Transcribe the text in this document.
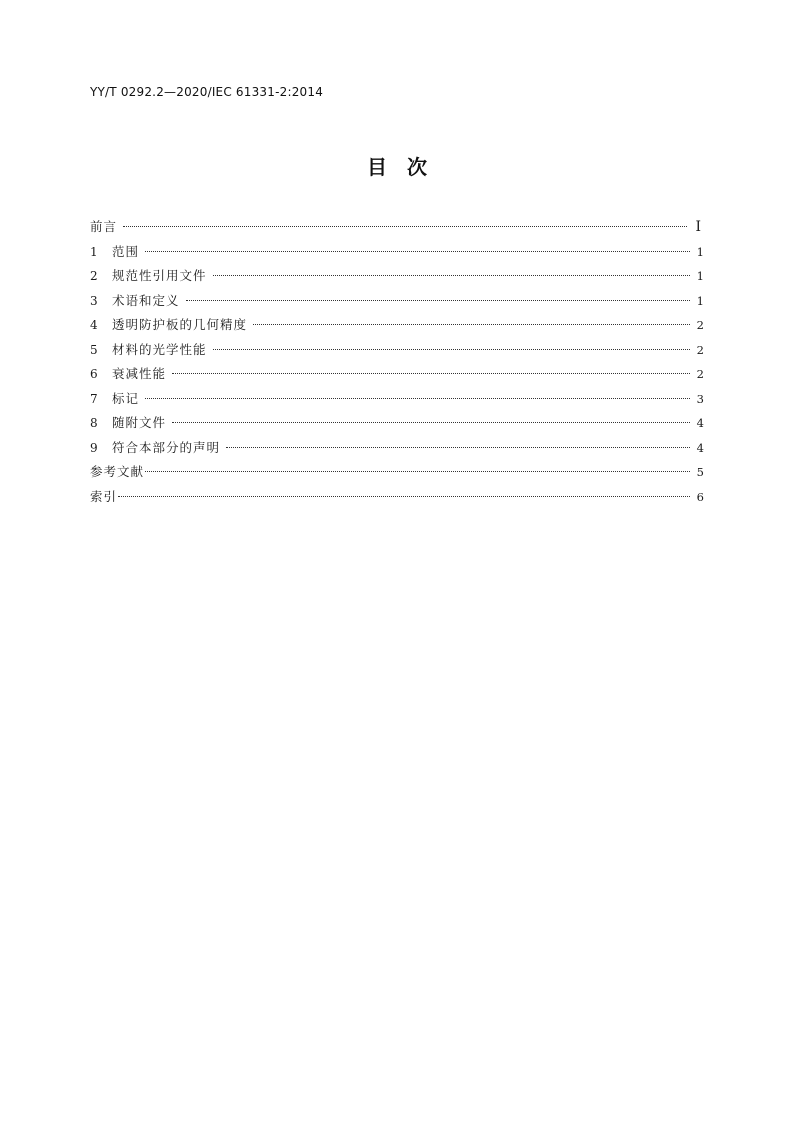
YY/T 0292.2—2020/IEC 61331-2:2014
目　次
前言	I
1	范围	1
2	规范性引用文件	1
3	术语和定义	1
4	透明防护板的几何精度	2
5	材料的光学性能	2
6	衰减性能	2
7	标记	3
8	随附文件	4
9	符合本部分的声明	4
参考文献	5
索引	6
